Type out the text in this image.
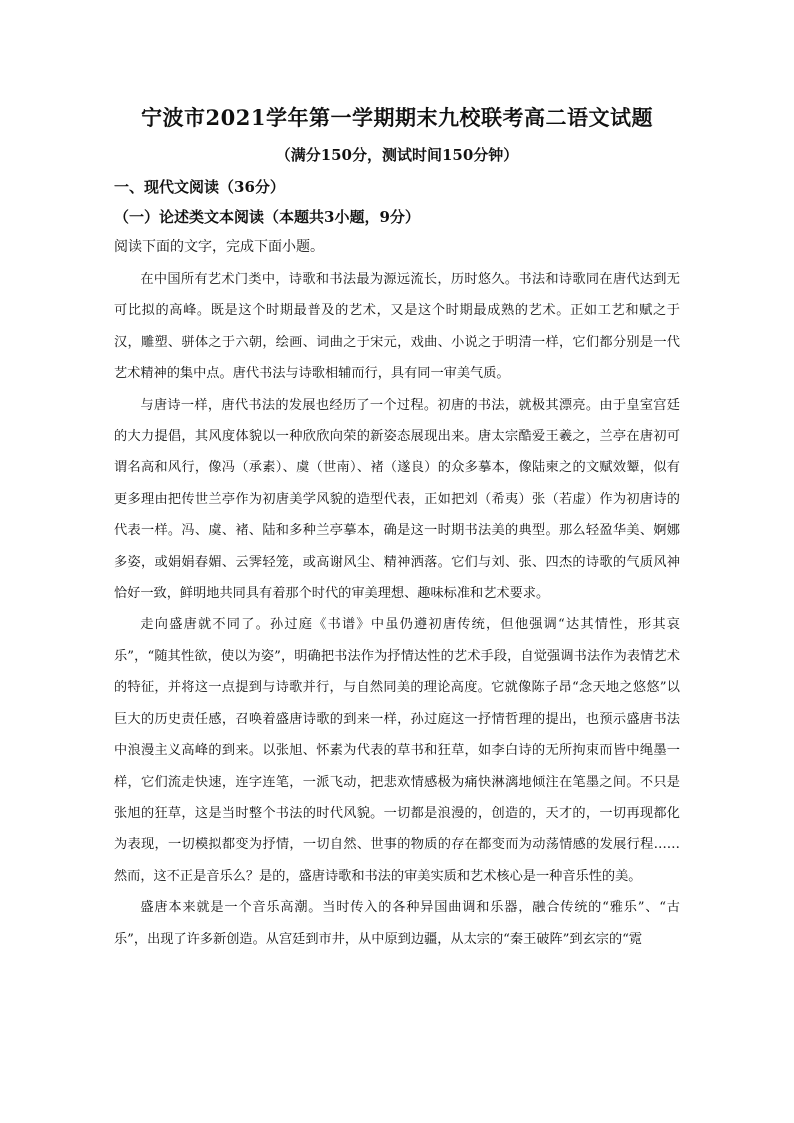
宁波市2021学年第一学期期末九校联考高二语文试题
（满分150分，测试时间150分钟）
一、现代文阅读（36分）
（一）论述类文本阅读（本题共3小题，9分）
阅读下面的文字，完成下面小题。

在中国所有艺术门类中，诗歌和书法最为源远流长，历时悠久。书法和诗歌同在唐代达到无可比拟的高峰。既是这个时期最普及的艺术，又是这个时期最成熟的艺术。正如工艺和赋之于汉，雕塑、骈体之于六朝，绘画、词曲之于宋元，戏曲、小说之于明清一样，它们都分别是一代艺术精神的集中点。唐代书法与诗歌相辅而行，具有同一审美气质。

与唐诗一样，唐代书法的发展也经历了一个过程。初唐的书法，就极其漂亮。由于皇室宫廷的大力提倡，其风度体貌以一种欣欣向荣的新姿态展现出来。唐太宗酷爱王羲之，兰亭在唐初可谓名高和风行，像冯（承素）、虞（世南）、褚（遂良）的众多摹本，像陆柬之的文赋效颦，似有更多理由把传世兰亭作为初唐美学风貌的造型代表，正如把刘（希夷）张（若虚）作为初唐诗的代表一样。冯、虞、褚、陆和多种兰亭摹本，确是这一时期书法美的典型。那么轻盈华美、婀娜多姿，或娟娟春媚、云霁轻笼，或高谢风尘、精神洒落。它们与刘、张、四杰的诗歌的气质风神恰好一致，鲜明地共同具有着那个时代的审美理想、趣味标准和艺术要求。

走向盛唐就不同了。孙过庭《书谱》中虽仍遵初唐传统，但他强调“达其情性，形其哀乐”，“随其性欲，使以为姿”，明确把书法作为抒情达性的艺术手段，自觉强调书法作为表情艺术的特征，并将这一点提到与诗歌并行，与自然同美的理论高度。它就像陈子昂“念天地之悠悠”以巨大的历史责任感，召唤着盛唐诗歌的到来一样，孙过庭这一抒情哲理的提出，也预示盛唐书法中浪漫主义高峰的到来。以张旭、怀素为代表的草书和狂草，如李白诗的无所拘束而皆中绳墨一样，它们流走快速，连字连笔，一派飞动，把悲欢情感极为痛快淋漓地倾注在笔墨之间。不只是张旭的狂草，这是当时整个书法的时代风貌。一切都是浪漫的，创造的，天才的，一切再现都化为表现，一切模拟都变为抒情，一切自然、世事的物质的存在都变而为动荡情感的发展行程……然而，这不正是音乐么？是的，盛唐诗歌和书法的审美实质和艺术核心是一种音乐性的美。

盛唐本来就是一个音乐高潮。当时传入的各种异国曲调和乐器，融合传统的“雅乐”、“古乐”，出现了许多新创造。从宫廷到市井，从中原到边疆，从太宗的“秦王破阵”到玄宗的“霓
